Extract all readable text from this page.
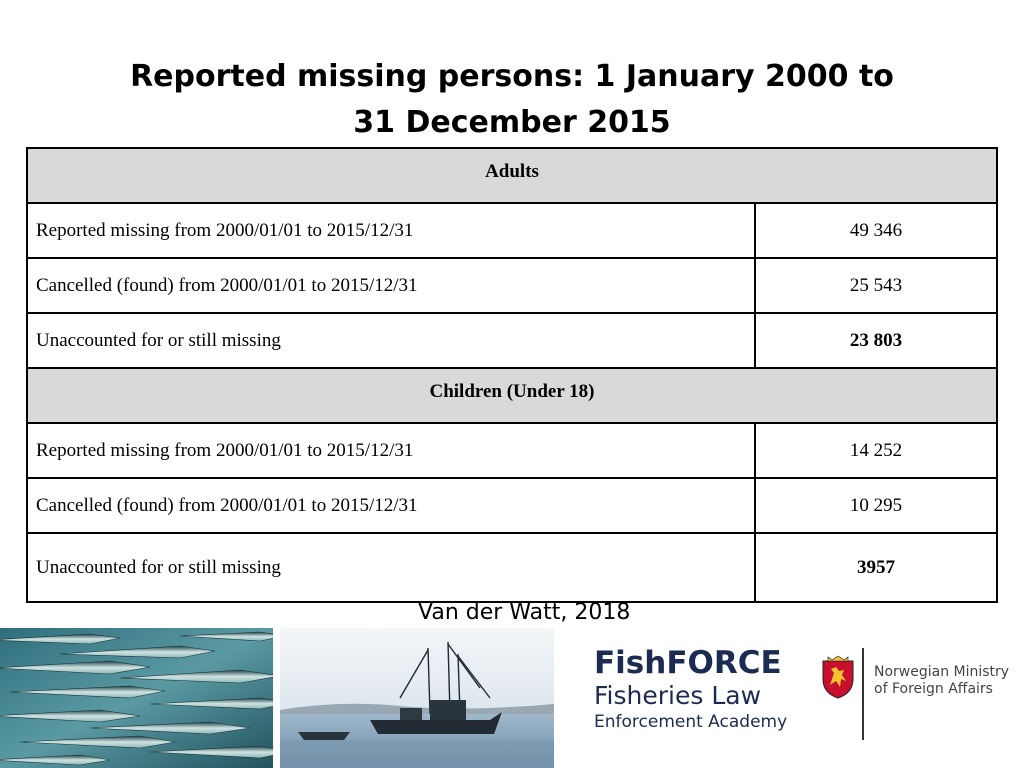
Reported missing persons: 1 January 2000 to
31 December 2015
Adults	
Reported missing from 2000/01/01 to 2015/12/31	49 346
Cancelled (found) from 2000/01/01 to 2015/12/31	25 543
Unaccounted for or still missing	23 803
Children (Under 18)	
Reported missing from 2000/01/01 to 2015/12/31	14 252
Cancelled (found) from 2000/01/01 to 2015/12/31	10 295
Unaccounted for or still missing	3957
Van der Watt, 2018
FishFORCE
Fisheries Law
Enforcement Academy
Norwegian Ministry
of Foreign Affairs
